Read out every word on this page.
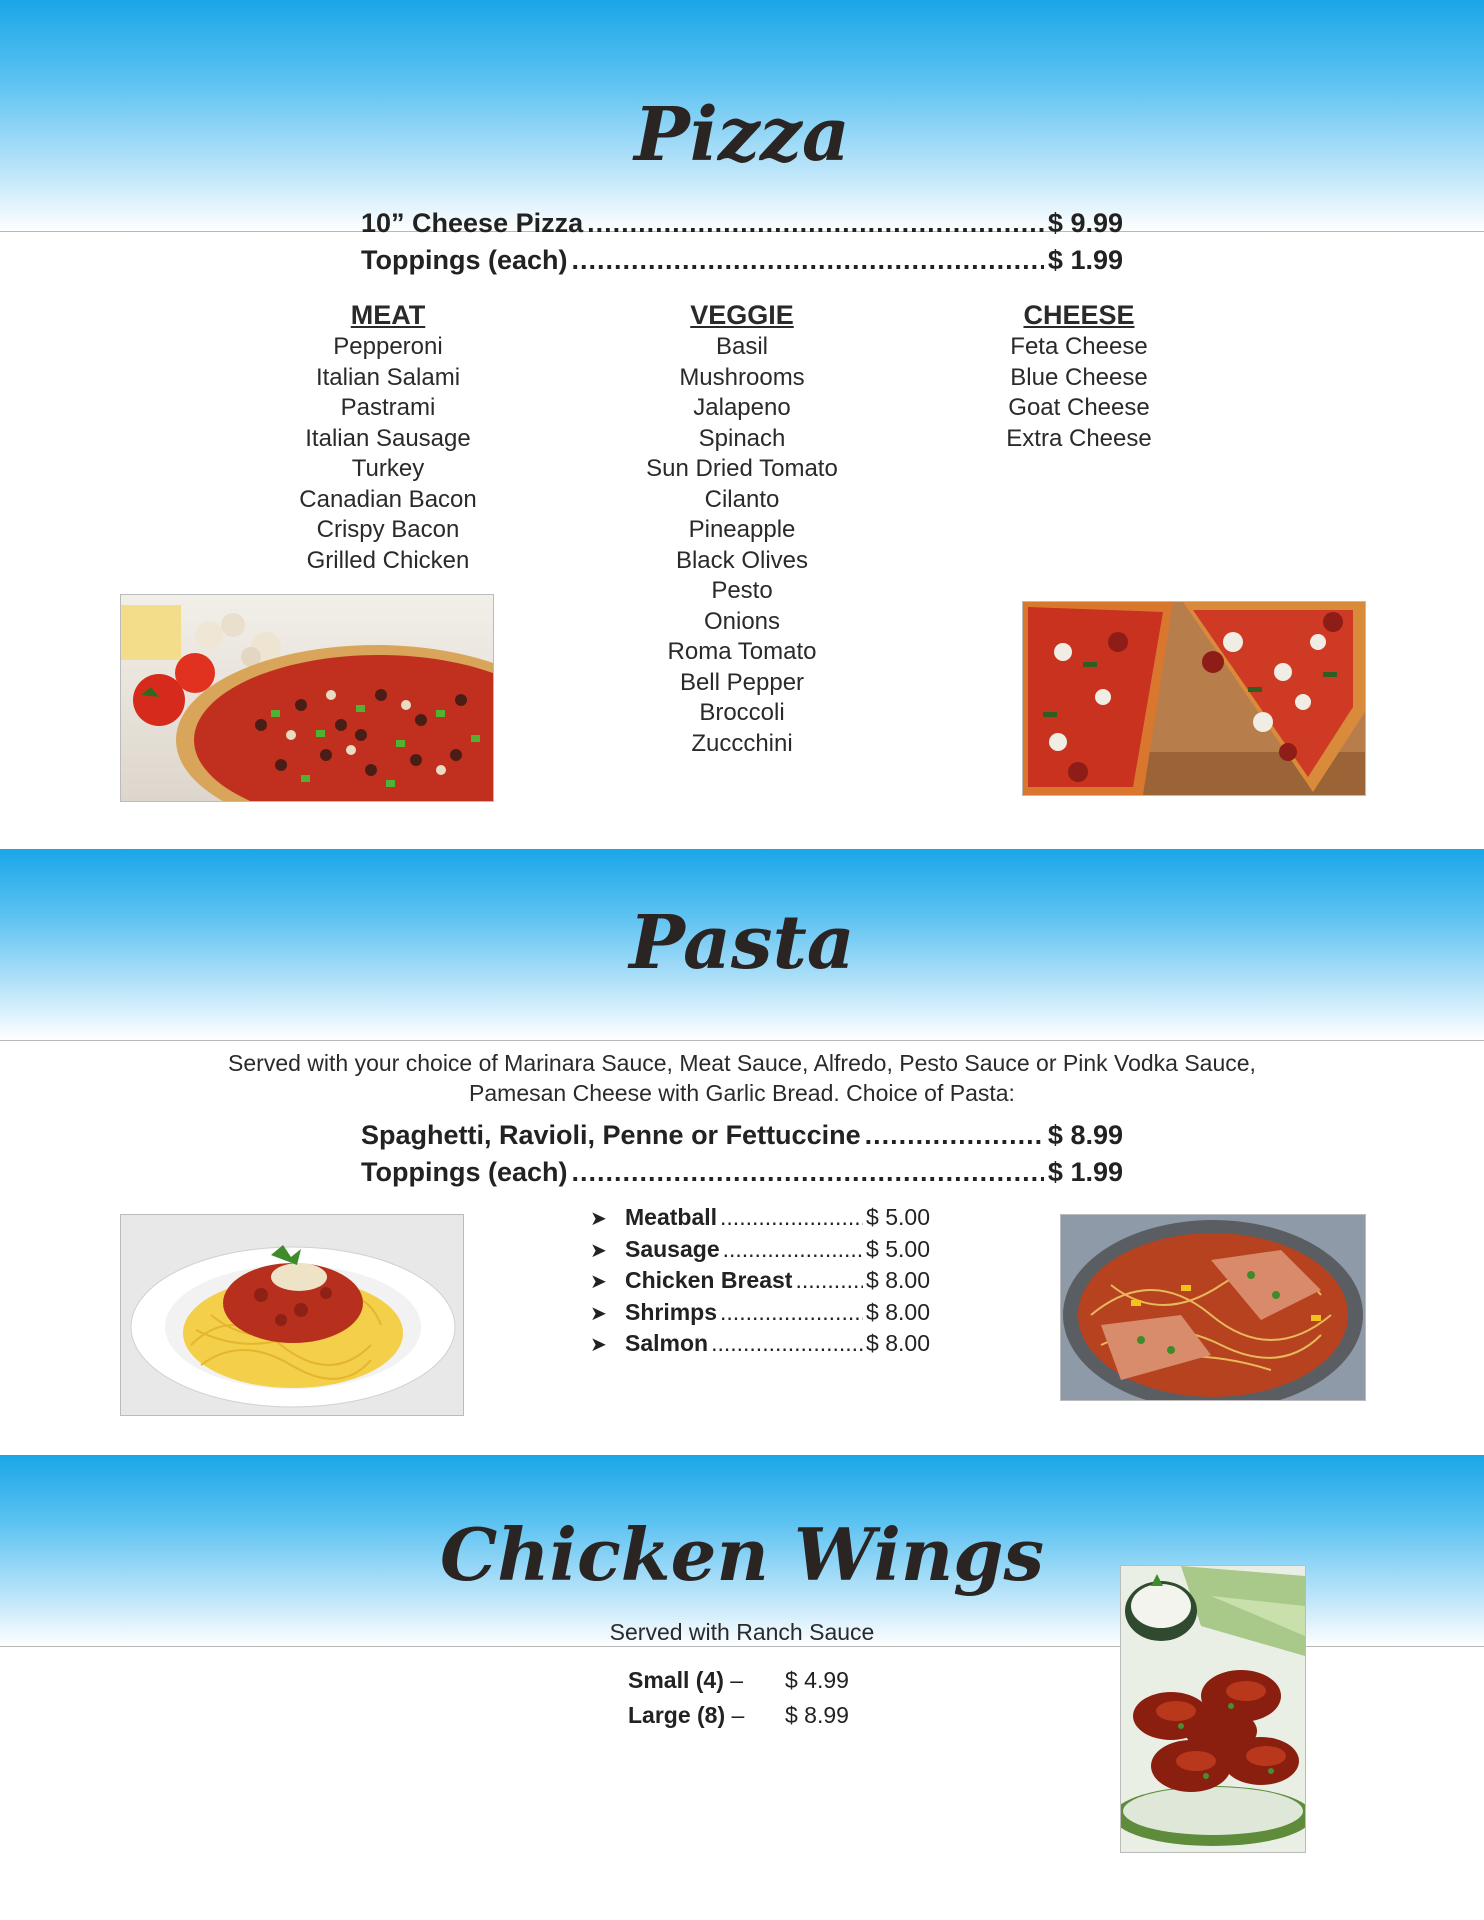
Pizza
10” Cheese Pizza .....	$ 9.99
Toppings (each) .....	$ 1.99
MEAT
Pepperoni
Italian Salami
Pastrami
Italian Sausage
Turkey
Canadian Bacon
Crispy Bacon
Grilled Chicken
VEGGIE
Basil
Mushrooms
Jalapeno
Spinach
Sun Dried Tomato
Cilanto
Pineapple
Black Olives
Pesto
Onions
Roma Tomato
Bell Pepper
Broccoli
Zuccchini
CHEESE
Feta Cheese
Blue Cheese
Goat Cheese
Extra Cheese
Pasta
Served with your choice of Marinara Sauce, Meat Sauce, Alfredo, Pesto Sauce or Pink Vodka Sauce,
Pamesan Cheese with Garlic Bread. Choice of Pasta:
Spaghetti, Ravioli, Penne or Fettuccine .....	$ 8.99
Toppings (each) .....	$ 1.99
➤ Meatball .....	$ 5.00
➤ Sausage .....	$ 5.00
➤ Chicken Breast .....	$ 8.00
➤ Shrimps .....	$ 8.00
➤ Salmon .....	$ 8.00
Chicken Wings
Served with Ranch Sauce
Small (4) –	$ 4.99
Large (8) –	$ 8.99
